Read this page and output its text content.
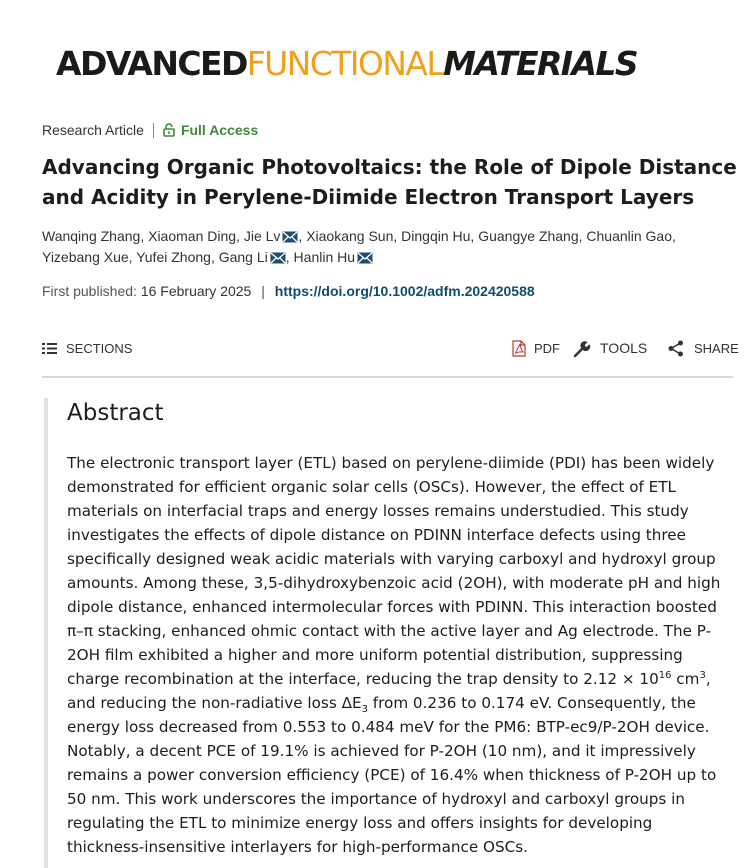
ADVANCEDFUNCTIONALMATERIALS
Research Article	Full Access
Advancing Organic Photovoltaics: the Role of Dipole Distance and Acidity in Perylene-Diimide Electron Transport Layers
Wanqing Zhang, Xiaoman Ding, Jie Lv , Xiaokang Sun, Dingqin Hu, Guangye Zhang, Chuanlin Gao, Yizebang Xue, Yufei Zhong, Gang Li , Hanlin Hu
First published: 16 February 2025 | https://doi.org/10.1002/adfm.202420588
SECTIONS	PDF	TOOLS	SHARE
Abstract

The electronic transport layer (ETL) based on perylene-diimide (PDI) has been widely demonstrated for efficient organic solar cells (OSCs). However, the effect of ETL materials on interfacial traps and energy losses remains understudied. This study investigates the effects of dipole distance on PDINN interface defects using three specifically designed weak acidic materials with varying carboxyl and hydroxyl group amounts. Among these, 3,5-dihydroxybenzoic acid (2OH), with moderate pH and high dipole distance, enhanced intermolecular forces with PDINN. This interaction boosted π–π stacking, enhanced ohmic contact with the active layer and Ag electrode. The P-2OH film exhibited a higher and more uniform potential distribution, suppressing charge recombination at the interface, reducing the trap density to $2.12 \times 10^{16}$ $cm^3$, and reducing the non-radiative loss $\Delta E_3$ from 0.236 to 0.174 eV. Consequently, the energy loss decreased from 0.553 to 0.484 meV for the PM6: BTP-ec9/P-2OH device. Notably, a decent PCE of 19.1% is achieved for P-2OH (10 nm), and it impressively remains a power conversion efficiency (PCE) of 16.4% when thickness of P-2OH up to 50 nm. This work underscores the importance of hydroxyl and carboxyl groups in regulating the ETL to minimize energy loss and offers insights for developing thickness-insensitive interlayers for high-performance OSCs.
